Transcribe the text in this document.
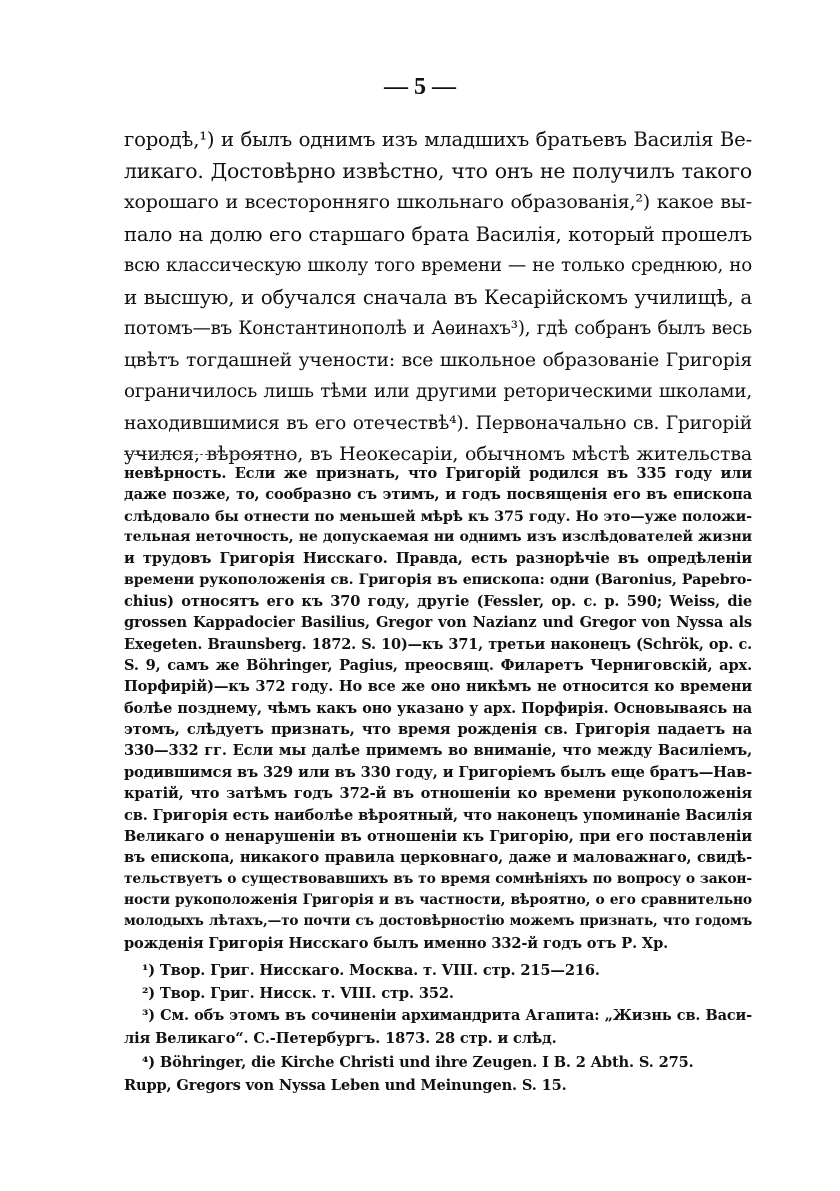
— 5 —
городѣ,¹) и былъ однимъ изъ младшихъ братьевъ Василія Ве-
ликаго. Достовѣрно извѣстно, что онъ не получилъ такого
хорошаго и всесторонняго школьнаго образованія,²) какое вы-
пало на долю его старшаго брата Василія, который прошелъ
всю классическую школу того времени — не только среднюю, но
и высшую, и обучался сначала въ Кесарійскомъ училищѣ, а
потомъ—въ Константинополѣ и Аѳинахъ³), гдѣ собранъ былъ весь
цвѣтъ тогдашней учености: все школьное образованіе Григорія
ограничилось лишь тѣми или другими реторическими школами,
находившимися въ его отечествѣ⁴). Первоначально св. Григорій
учился, вѣроятно, въ Неокесаріи, обычномъ мѣстѣ жительства
невѣрность. Если же признать, что Григорій родился въ 335 году или
даже позже, то, сообразно съ этимъ, и годъ посвященія его въ епископа
слѣдовало бы отнести по меньшей мѣрѣ къ 375 году. Но это—уже положи-
тельная неточность, не допускаемая ни однимъ изъ изслѣдователей жизни
и трудовъ Григорія Нисскаго. Правда, есть разнорѣчіе въ опредѣленіи
времени рукоположенія св. Григорія въ епископа: одни (Baronius, Papebro-
chius) относятъ его къ 370 году, другіе (Fessler, op. c. p. 590; Weiss, die
grossen Kappadocier Basilius, Gregor von Nazianz und Gregor von Nyssa als
Exegeten. Braunsberg. 1872. S. 10)—къ 371, третьи наконецъ (Schrök, op. c.
S. 9, самъ же Böhringer, Pagius, преосвящ. Филаретъ Черниговскій, арх.
Порфирій)—къ 372 году. Но все же оно никѣмъ не относится ко времени
болѣе позднему, чѣмъ какъ оно указано у арх. Порфирія. Основываясь на
этомъ, слѣдуетъ признать, что время рожденія св. Григорія падаетъ на
330—332 гг. Если мы далѣе примемъ во вниманіе, что между Василіемъ,
родившимся въ 329 или въ 330 году, и Григоріемъ былъ еще братъ—Нав-
кратій, что затѣмъ годъ 372-й въ отношеніи ко времени рукоположенія
св. Григорія есть наиболѣе вѣроятный, что наконецъ упоминаніе Василія
Великаго о ненарушеніи въ отношеніи къ Григорію, при его поставленіи
въ епископа, никакого правила церковнаго, даже и маловажнаго, свидѣ-
тельствуетъ о существовавшихъ въ то время сомнѣніяхъ по вопросу о закон-
ности рукоположенія Григорія и въ частности, вѣроятно, о его сравнительно
молодыхъ лѣтахъ,—то почти съ достовѣрностію можемъ признать, что годомъ
рожденія Григорія Нисскаго былъ именно 332-й годъ отъ Р. Хр.
¹) Твор. Григ. Нисскаго. Москва. т. VIII. стр. 215—216.
²) Твор. Григ. Нисск. т. VIII. стр. 352.
³) См. объ этомъ въ сочиненіи архимандрита Агапита: „Жизнь св. Васи-
лія Великаго“. С.-Петербургъ. 1873. 28 стр. и слѣд.
⁴) Böhringer, die Kirche Christi und ihre Zeugen. I B. 2 Abth. S. 275.
Rupp, Gregors von Nyssa Leben und Meinungen. S. 15.
